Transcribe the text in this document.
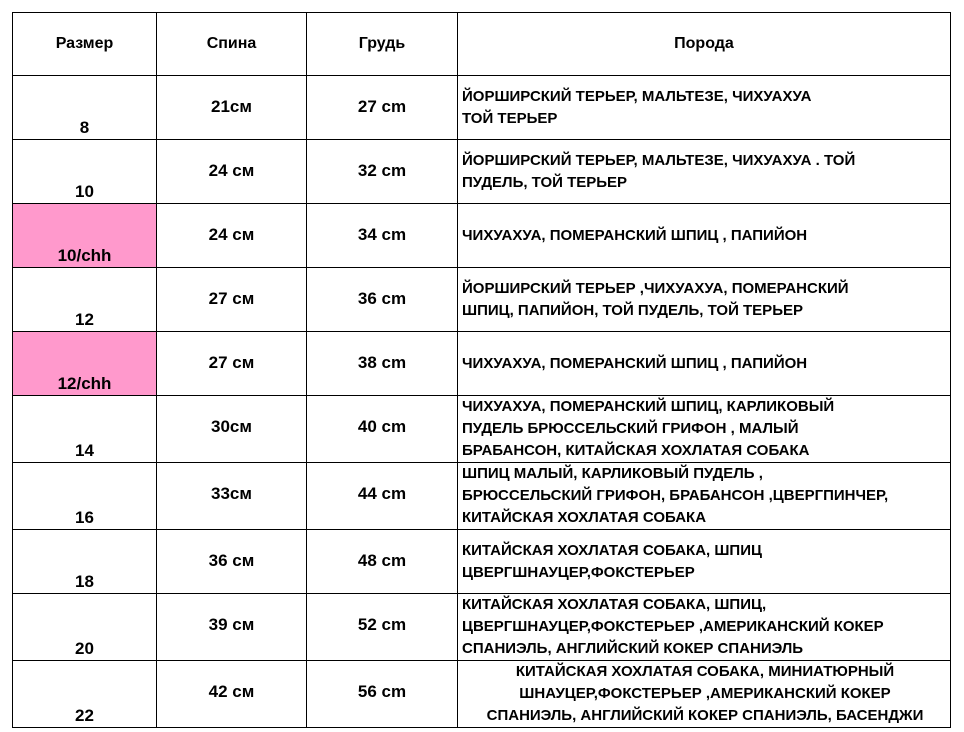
Размер	Спина	Грудь	Порода
8	21см	27 cm	ЙОРШИРСКИЙ ТЕРЬЕР, МАЛЬТЕЗЕ, ЧИХУАХУА
ТОЙ ТЕРЬЕР
10	24 см	32 cm	ЙОРШИРСКИЙ ТЕРЬЕР, МАЛЬТЕЗЕ, ЧИХУАХУА . ТОЙ
ПУДЕЛЬ, ТОЙ ТЕРЬЕР
10/chh	24 см	34 cm	ЧИХУАХУА, ПОМЕРАНСКИЙ ШПИЦ , ПАПИЙОН
12	27 см	36 cm	ЙОРШИРСКИЙ ТЕРЬЕР ,ЧИХУАХУА, ПОМЕРАНСКИЙ
ШПИЦ, ПАПИЙОН, ТОЙ ПУДЕЛЬ, ТОЙ ТЕРЬЕР
12/chh	27 см	38 cm	ЧИХУАХУА, ПОМЕРАНСКИЙ ШПИЦ , ПАПИЙОН
14	30см	40 cm	ЧИХУАХУА, ПОМЕРАНСКИЙ ШПИЦ, КАРЛИКОВЫЙ
ПУДЕЛЬ БРЮССЕЛЬСКИЙ ГРИФОН , МАЛЫЙ
БРАБАНСОН, КИТАЙСКАЯ ХОХЛАТАЯ СОБАКА
16	33см	44 cm	ШПИЦ МАЛЫЙ, КАРЛИКОВЫЙ ПУДЕЛЬ ,
БРЮССЕЛЬСКИЙ ГРИФОН, БРАБАНСОН ,ЦВЕРГПИНЧЕР,
КИТАЙСКАЯ ХОХЛАТАЯ СОБАКА
18	36 см	48 cm	КИТАЙСКАЯ ХОХЛАТАЯ СОБАКА, ШПИЦ
ЦВЕРГШНАУЦЕР,ФОКСТЕРЬЕР
20	39 см	52 cm	КИТАЙСКАЯ ХОХЛАТАЯ СОБАКА, ШПИЦ,
ЦВЕРГШНАУЦЕР,ФОКСТЕРЬЕР ,АМЕРИКАНСКИЙ КОКЕР
СПАНИЭЛЬ, АНГЛИЙСКИЙ КОКЕР СПАНИЭЛЬ
22	42 см	56 cm	КИТАЙСКАЯ ХОХЛАТАЯ СОБАКА, МИНИАТЮРНЫЙ
ШНАУЦЕР,ФОКСТЕРЬЕР ,АМЕРИКАНСКИЙ КОКЕР
СПАНИЭЛЬ, АНГЛИЙСКИЙ КОКЕР СПАНИЭЛЬ, БАСЕНДЖИ
